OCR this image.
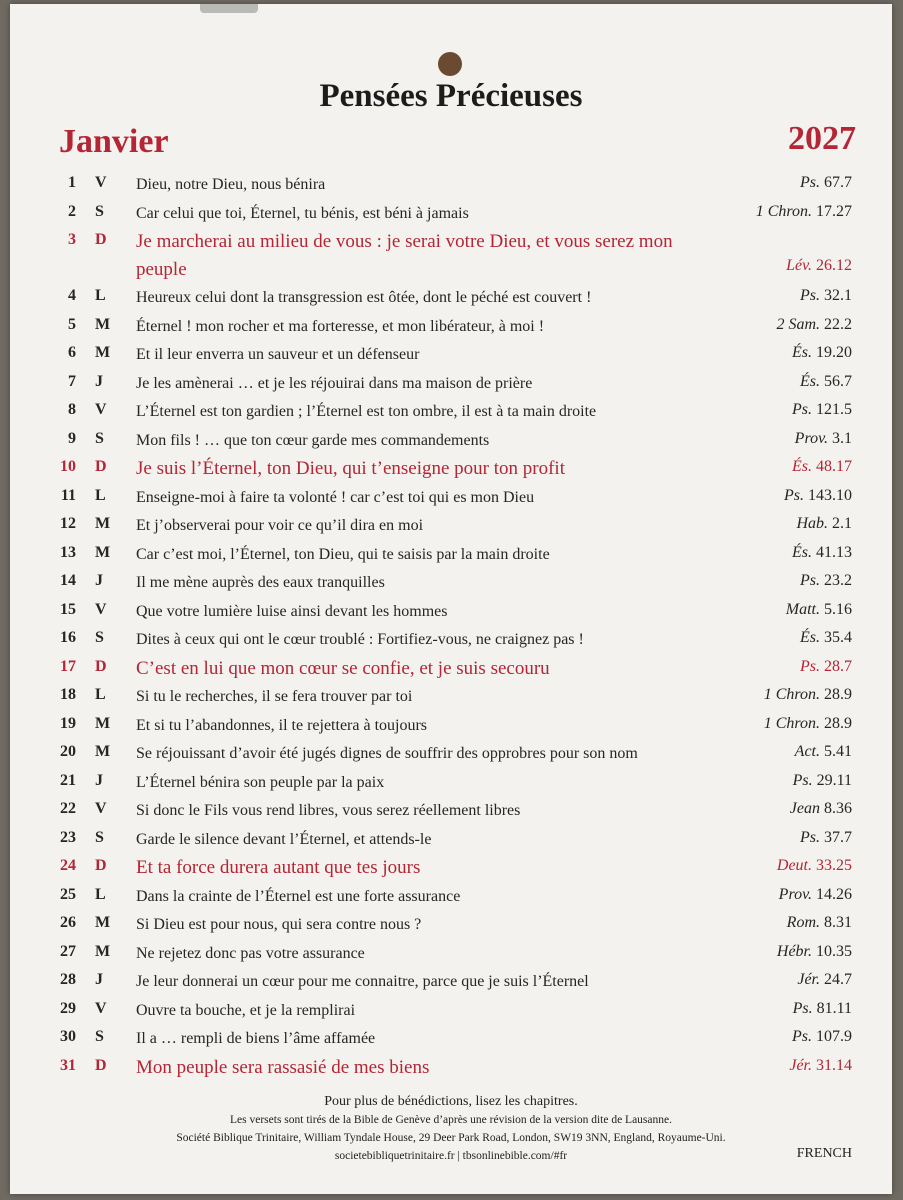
Pensées Précieuses
Janvier	2027
1 V Dieu, notre Dieu, nous bénira	Ps. 67.7
2 S Car celui que toi, Éternel, tu bénis, est béni à jamais	1 Chron. 17.27
3 D Je marcherai au milieu de vous : je serai votre Dieu, et vous serez mon peuple	Lév. 26.12
4 L Heureux celui dont la transgression est ôtée, dont le péché est couvert !	Ps. 32.1
5 M Éternel ! mon rocher et ma forteresse, et mon libérateur, à moi !	2 Sam. 22.2
6 M Et il leur enverra un sauveur et un défenseur	És. 19.20
7 J Je les amènerai … et je les réjouirai dans ma maison de prière	És. 56.7
8 V L’Éternel est ton gardien ; l’Éternel est ton ombre, il est à ta main droite	Ps. 121.5
9 S Mon fils ! … que ton cœur garde mes commandements	Prov. 3.1
10 D Je suis l’Éternel, ton Dieu, qui t’enseigne pour ton profit	És. 48.17
11 L Enseigne-moi à faire ta volonté ! car c’est toi qui es mon Dieu	Ps. 143.10
12 M Et j’observerai pour voir ce qu’il dira en moi	Hab. 2.1
13 M Car c’est moi, l’Éternel, ton Dieu, qui te saisis par la main droite	És. 41.13
14 J Il me mène auprès des eaux tranquilles	Ps. 23.2
15 V Que votre lumière luise ainsi devant les hommes	Matt. 5.16
16 S Dites à ceux qui ont le cœur troublé : Fortifiez-vous, ne craignez pas !	És. 35.4
17 D C’est en lui que mon cœur se confie, et je suis secouru	Ps. 28.7
18 L Si tu le recherches, il se fera trouver par toi	1 Chron. 28.9
19 M Et si tu l’abandonnes, il te rejettera à toujours	1 Chron. 28.9
20 M Se réjouissant d’avoir été jugés dignes de souffrir des opprobres pour son nom	Act. 5.41
21 J L’Éternel bénira son peuple par la paix	Ps. 29.11
22 V Si donc le Fils vous rend libres, vous serez réellement libres	Jean 8.36
23 S Garde le silence devant l’Éternel, et attends-le	Ps. 37.7
24 D Et ta force durera autant que tes jours	Deut. 33.25
25 L Dans la crainte de l’Éternel est une forte assurance	Prov. 14.26
26 M Si Dieu est pour nous, qui sera contre nous ?	Rom. 8.31
27 M Ne rejetez donc pas votre assurance	Hébr. 10.35
28 J Je leur donnerai un cœur pour me connaitre, parce que je suis l’Éternel	Jér. 24.7
29 V Ouvre ta bouche, et je la remplirai	Ps. 81.11
30 S Il a … rempli de biens l’âme affamée	Ps. 107.9
31 D Mon peuple sera rassasié de mes biens	Jér. 31.14
Pour plus de bénédictions, lisez les chapitres.
Les versets sont tirés de la Bible de Genève d’après une révision de la version dite de Lausanne.
Société Biblique Trinitaire, William Tyndale House, 29 Deer Park Road, London, SW19 3NN, England, Royaume-Uni.
societebibliquetrinitaire.fr | tbsonlinebible.com/#fr	FRENCH
